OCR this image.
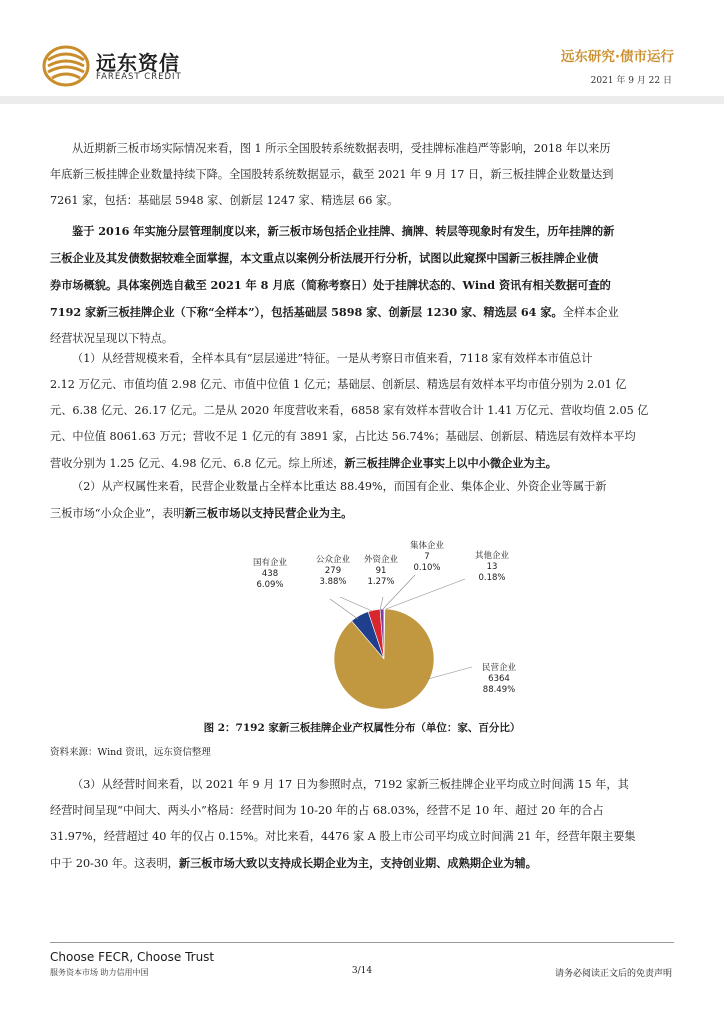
远东资信
FAREAST CREDIT
远东研究·债市运行
2021 年 9 月 22 日
从近期新三板市场实际情况来看，图 1 所示全国股转系统数据表明，受挂牌标准趋严等影响，2018 年以来历
年底新三板挂牌企业数量持续下降。全国股转系统数据显示，截至 2021 年 9 月 17 日，新三板挂牌企业数量达到
7261 家，包括：基础层 5948 家、创新层 1247 家、精选层 66 家。
鉴于 2016 年实施分层管理制度以来，新三板市场包括企业挂牌、摘牌、转层等现象时有发生，历年挂牌的新
三板企业及其发债数据较难全面掌握，本文重点以案例分析法展开行分析，试图以此窥探中国新三板挂牌企业债
券市场概貌。具体案例选自截至 2021 年 8 月底（简称考察日）处于挂牌状态的、Wind 资讯有相关数据可查的
7192 家新三板挂牌企业（下称“全样本”），包括基础层 5898 家、创新层 1230 家、精选层 64 家。全样本企业
经营状况呈现以下特点。
（1）从经营规模来看，全样本具有“层层递进”特征。一是从考察日市值来看，7118 家有效样本市值总计
2.12 万亿元、市值均值 2.98 亿元、市值中位值 1 亿元；基础层、创新层、精选层有效样本平均市值分别为 2.01 亿
元、6.38 亿元、26.17 亿元。二是从 2020 年度营收来看，6858 家有效样本营收合计 1.41 万亿元、营收均值 2.05 亿
元、中位值 8061.63 万元；营收不足 1 亿元的有 3891 家，占比达 56.74%；基础层、创新层、精选层有效样本平均
营收分别为 1.25 亿元、4.98 亿元、6.8 亿元。综上所述，新三板挂牌企业事实上以中小微企业为主。
（2）从产权属性来看，民营企业数量占全样本比重达 88.49%，而国有企业、集体企业、外资企业等属于新
三板市场“小众企业”，表明新三板市场以支持民营企业为主。
国有企业
438
6.09%
公众企业
279
3.88%
外资企业
91
1.27%
集体企业
7
0.10%
其他企业
13
0.18%
民营企业
6364
88.49%
图 2：7192 家新三板挂牌企业产权属性分布（单位：家、百分比）
资料来源：Wind 资讯，远东资信整理
（3）从经营时间来看，以 2021 年 9 月 17 日为参照时点，7192 家新三板挂牌企业平均成立时间满 15 年，其
经营时间呈现“中间大、两头小”格局：经营时间为 10-20 年的占 68.03%，经营不足 10 年、超过 20 年的合占
31.97%，经营超过 40 年的仅占 0.15%。对比来看，4476 家 A 股上市公司平均成立时间满 21 年，经营年限主要集
中于 20-30 年。这表明，新三板市场大致以支持成长期企业为主，支持创业期、成熟期企业为辅。
Choose FECR, Choose Trust
服务资本市场 助力信用中国	3/14	请务必阅读正文后的免责声明
